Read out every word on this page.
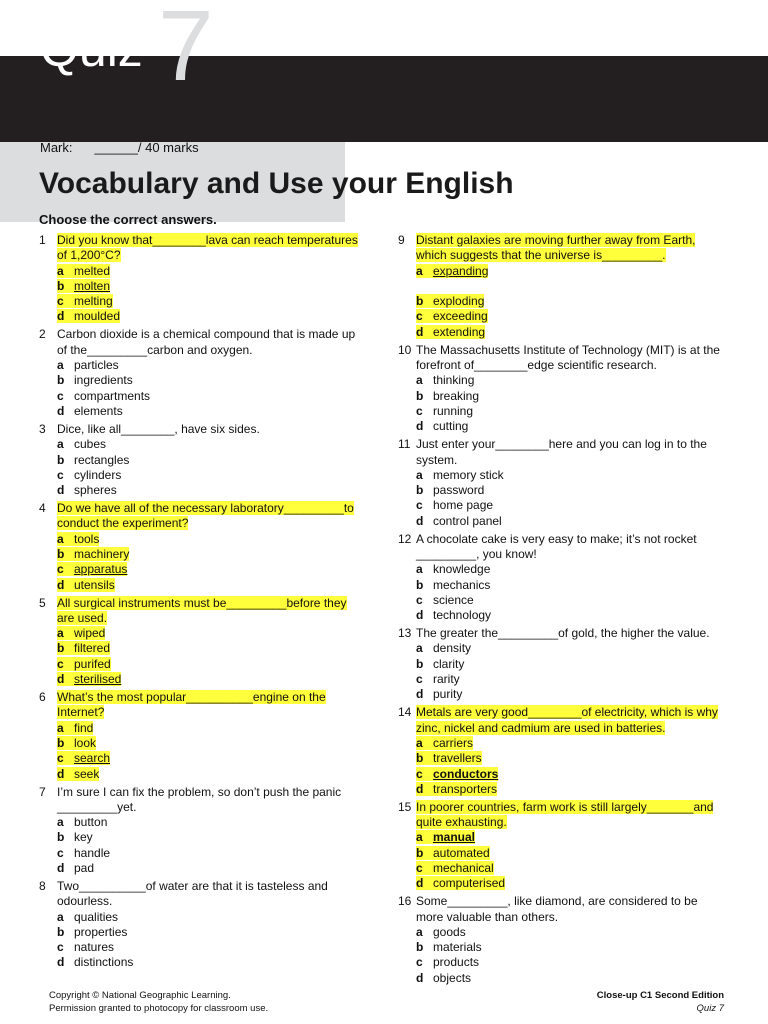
Quiz 7
Mark: ______/ 40 marks
Vocabulary and Use your English
Choose the correct answers.
1 Did you know that________lava can reach temperatures of 1,200°C?
a melted
b molten
c melting
d moulded
2 Carbon dioxide is a chemical compound that is made up of the_________carbon and oxygen.
a particles
b ingredients
c compartments
d elements
3 Dice, like all________, have six sides.
a cubes
b rectangles
c cylinders
d spheres
4 Do we have all of the necessary laboratory_________to conduct the experiment?
a tools
b machinery
c apparatus
d utensils
5 All surgical instruments must be_________before they are used.
a wiped
b filtered
c purifed
d sterilised
6 What’s the most popular__________engine on the Internet?
a find
b look
c search
d seek
7 I’m sure I can fix the problem, so don’t push the panic _________yet.
a button
b key
c handle
d pad
8 Two__________of water are that it is tasteless and odourless.
a qualities
b properties
c natures
d distinctions
9 Distant galaxies are moving further away from Earth, which suggests that the universe is_________.
a expanding
b exploding
c exceeding
d extending
10 The Massachusetts Institute of Technology (MIT) is at the forefront of________edge scientific research.
a thinking
b breaking
c running
d cutting
11 Just enter your________here and you can log in to the system.
a memory stick
b password
c home page
d control panel
12 A chocolate cake is very easy to make; it’s not rocket _________, you know!
a knowledge
b mechanics
c science
d technology
13 The greater the_________of gold, the higher the value.
a density
b clarity
c rarity
d purity
14 Metals are very good________of electricity, which is why zinc, nickel and cadmium are used in batteries.
a carriers
b travellers
c conductors
d transporters
15 In poorer countries, farm work is still largely_______and quite exhausting.
a manual
b automated
c mechanical
d computerised
16 Some_________, like diamond, are considered to be more valuable than others.
a goods
b materials
c products
d objects
Copyright © National Geographic Learning.
Permission granted to photocopy for classroom use.
Close-up C1 Second Edition
Quiz 7
